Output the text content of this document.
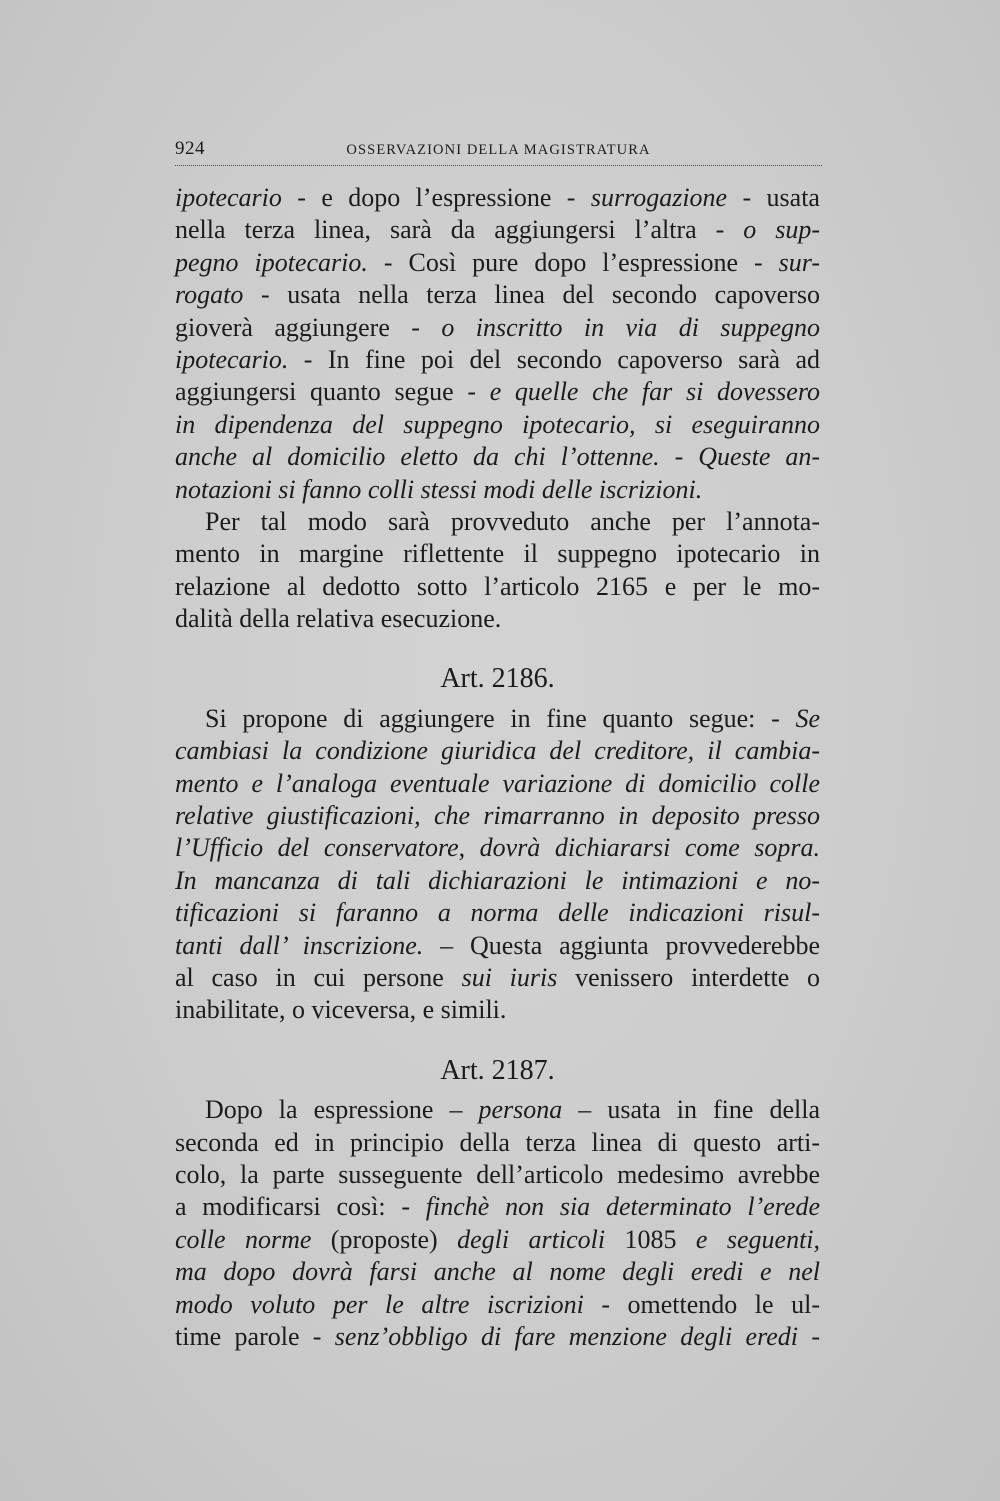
924	OSSERVAZIONI DELLA MAGISTRATURA
ipotecario - e dopo l’espressione - surrogazione - usata
nella terza linea, sarà da aggiungersi l’altra - o sup-
pegno ipotecario. - Così pure dopo l’espressione - sur-
rogato - usata nella terza linea del secondo capoverso
gioverà aggiungere - o inscritto in via di suppegno
ipotecario. - In fine poi del secondo capoverso sarà ad
aggiungersi quanto segue - e quelle che far si dovessero
in dipendenza del suppegno ipotecario, si eseguiranno
anche al domicilio eletto da chi l’ottenne. - Queste an-
notazioni si fanno colli stessi modi delle iscrizioni.
Per tal modo sarà provveduto anche per l’annota-
mento in margine riflettente il suppegno ipotecario in
relazione al dedotto sotto l’articolo 2165 e per le mo-
dalità della relativa esecuzione.
Art. 2186.
Si propone di aggiungere in fine quanto segue: - Se
cambiasi la condizione giuridica del creditore, il cambia-
mento e l’analoga eventuale variazione di domicilio colle
relative giustificazioni, che rimarranno in deposito presso
l’Ufficio del conservatore, dovrà dichiararsi come sopra.
In mancanza di tali dichiarazioni le intimazioni e no-
tificazioni si faranno a norma delle indicazioni risul-
tanti dall’ inscrizione. – Questa aggiunta provvederebbe
al caso in cui persone sui iuris venissero interdette o
inabilitate, o viceversa, e simili.
Art. 2187.
Dopo la espressione – persona – usata in fine della
seconda ed in principio della terza linea di questo arti-
colo, la parte susseguente dell’articolo medesimo avrebbe
a modificarsi così: - finchè non sia determinato l’erede
colle norme (proposte) degli articoli 1085 e seguenti,
ma dopo dovrà farsi anche al nome degli eredi e nel
modo voluto per le altre iscrizioni - omettendo le ul-
time parole - senz’obbligo di fare menzione degli eredi -
